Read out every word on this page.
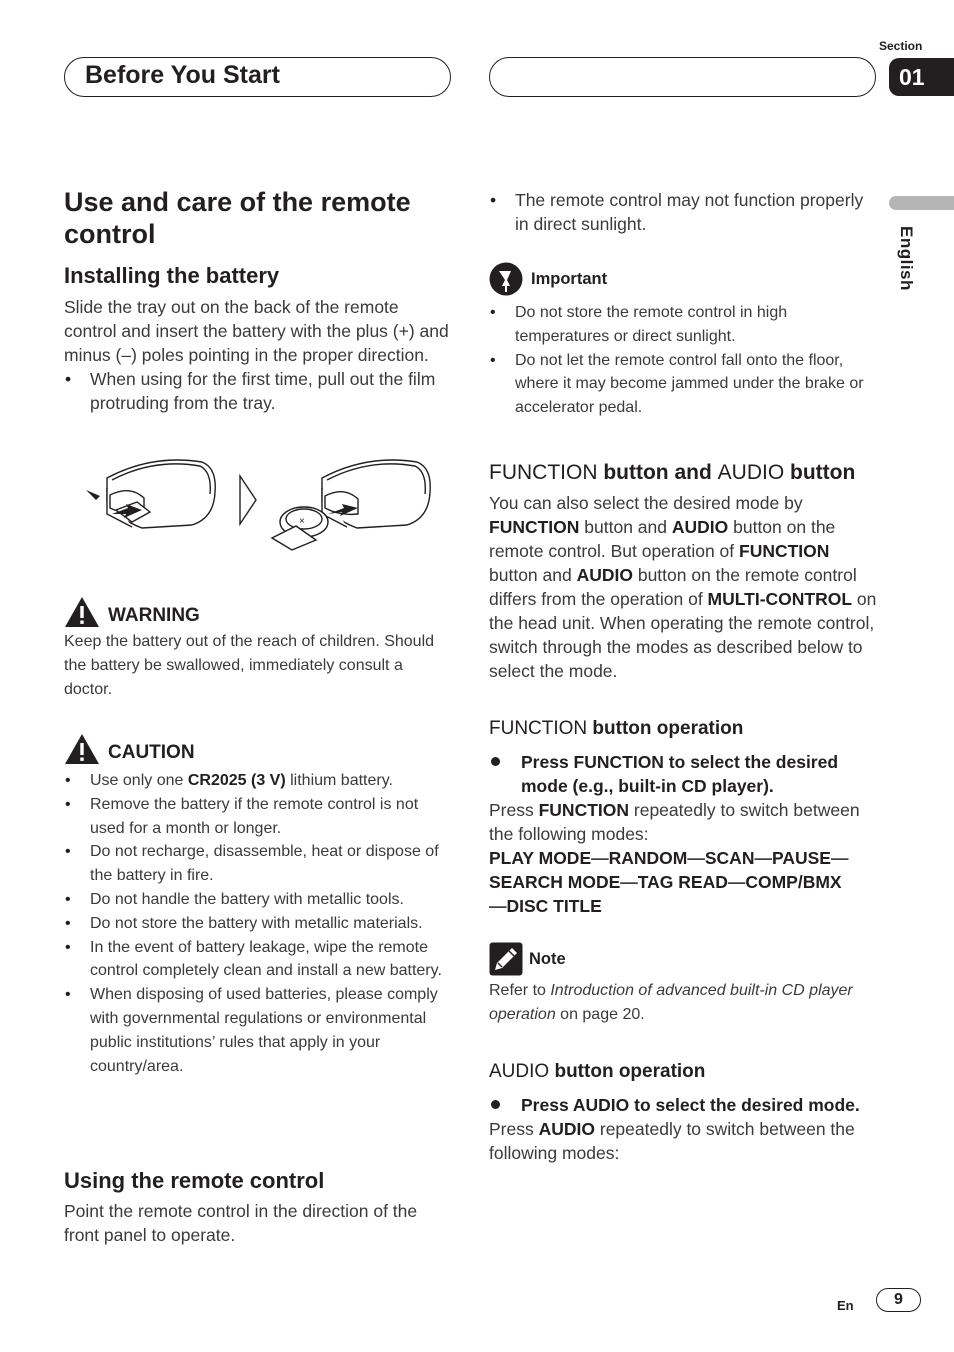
Before You Start
Section
01
English
Use and care of the remote control
Installing the battery

Slide the tray out on the back of the remote control and insert the battery with the plus (+) and minus (–) poles pointing in the proper direction.

• When using for the first time, pull out the film protruding from the tray.

×
WARNING

Keep the battery out of the reach of children. Should the battery be swallowed, immediately consult a doctor.

CAUTION

• Use only one CR2025 (3 V) lithium battery.

• Remove the battery if the remote control is not used for a month or longer.

• Do not recharge, disassemble, heat or dispose of the battery in fire.

• Do not handle the battery with metallic tools.

• Do not store the battery with metallic materials.

• In the event of battery leakage, wipe the remote control completely clean and install a new battery.

• When disposing of used batteries, please comply with governmental regulations or environmental public institutions’ rules that apply in your country/area.

Using the remote control

Point the remote control in the direction of the front panel to operate.

• The remote control may not function properly in direct sunlight.

Important

• Do not store the remote control in high temperatures or direct sunlight.

• Do not let the remote control fall onto the floor, where it may become jammed under the brake or accelerator pedal.

FUNCTION button and AUDIO button

You can also select the desired mode by FUNCTION button and AUDIO button on the remote control. But operation of FUNCTION button and AUDIO button on the remote control differs from the operation of MULTI-CONTROL on the head unit. When operating the remote control, switch through the modes as described below to select the mode.

FUNCTION button operation

Press FUNCTION to select the desired mode (e.g., built-in CD player).

Press FUNCTION repeatedly to switch between the following modes:

PLAY MODE—RANDOM—SCAN—PAUSE—
SEARCH MODE—TAG READ—COMP/BMX
—DISC TITLE

Note

Refer to Introduction of advanced built-in CD player operation on page 20.

AUDIO button operation

Press AUDIO to select the desired mode.

Press AUDIO repeatedly to switch between the following modes:

En	9
